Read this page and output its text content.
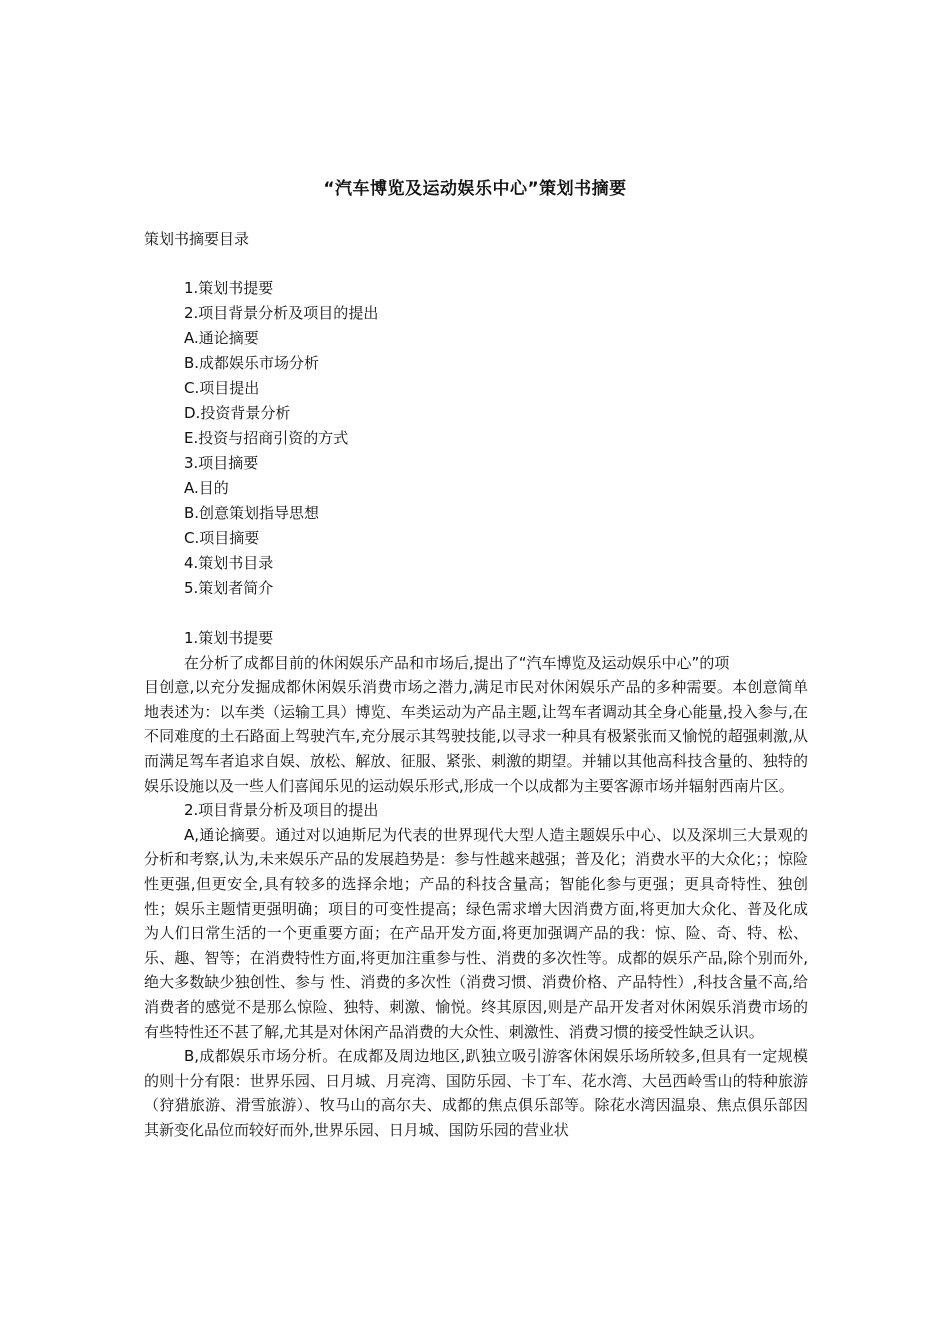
“汽车博览及运动娱乐中心”策划书摘要
策划书摘要目录
1.策划书提要
2.项目背景分析及项目的提出
A.通论摘要
B.成都娱乐市场分析
C.项目提出
D.投资背景分析
E.投资与招商引资的方式
3.项目摘要
A.目的
B.创意策划指导思想
C.项目摘要
4.策划书目录
5.策划者简介

1.策划书提要

在分析了成都目前的休闲娱乐产品和市场后,提出了“汽车博览及运动娱乐中心”的项

目创意,以充分发掘成都休闲娱乐消费市场之潜力,满足市民对休闲娱乐产品的多种需要。本创意简单地表述为：以车类（运输工具）博览、车类运动为产品主题,让驾车者调动其全身心能量,投入参与,在不同难度的土石路面上驾驶汽车,充分展示其驾驶技能,以寻求一种具有极紧张而又愉悦的超强刺激,从而满足驾车者追求自娱、放松、解放、征服、紧张、刺激的期望。并辅以其他高科技含量的、独特的娱乐设施以及一些人们喜闻乐见的运动娱乐形式,形成一个以成都为主要客源市场并辐射西南片区。

2.项目背景分析及项目的提出

A,通论摘要。通过对以迪斯尼为代表的世界现代大型人造主题娱乐中心、以及深圳三大景观的分析和考察,认为,未来娱乐产品的发展趋势是：参与性越来越强；普及化；消费水平的大众化；；惊险性更强,但更安全,具有较多的选择余地；产品的科技含量高；智能化参与更强；更具奇特性、独创性；娱乐主题情更强明确；项目的可变性提高；绿色需求增大因消费方面,将更加大众化、普及化成为人们日常生活的一个更重要方面；在产品开发方面,将更加强调产品的我：惊、险、奇、特、松、乐、趣、智等；在消费特性方面,将更加注重参与性、消费的多次性等。成都的娱乐产品,除个别而外,绝大多数缺少独创性、参与 性、消费的多次性（消费习惯、消费价格、产品特性）,科技含量不高,给消费者的感觉不是那么惊险、独特、刺激、愉悦。终其原因,则是产品开发者对休闲娱乐消费市场的有些特性还不甚了解,尤其是对休闲产品消费的大众性、刺激性、消费习惯的接受性缺乏认识。

B,成都娱乐市场分析。在成都及周边地区,趴独立吸引游客休闲娱乐场所较多,但具有一定规模的则十分有限：世界乐园、日月城、月亮湾、国防乐园、卡丁车、花水湾、大邑西岭雪山的特种旅游（狩猎旅游、滑雪旅游）、牧马山的高尔夫、成都的焦点俱乐部等。除花水湾因温泉、焦点俱乐部因其新变化品位而较好而外,世界乐园、日月城、国防乐园的营业状
